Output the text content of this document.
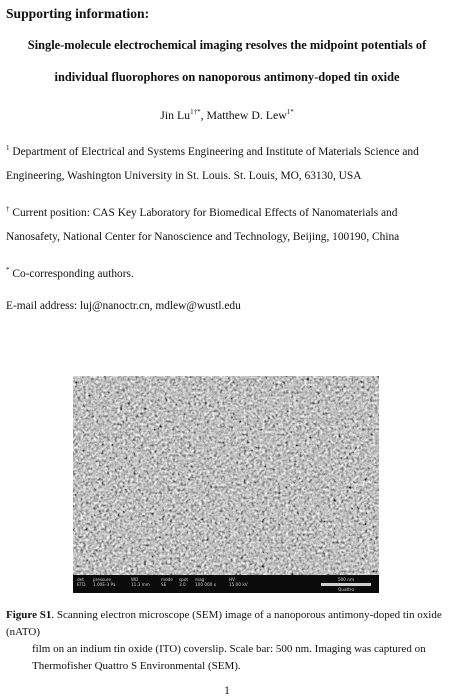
Supporting information:
Single-molecule electrochemical imaging resolves the midpoint potentials of
individual fluorophores on nanoporous antimony-doped tin oxide
Jin $Lu^{1\dagger*}$, Matthew D. Lew$^{1*}$
$^1$ Department of Electrical and Systems Engineering and Institute of Materials Science and
Engineering, Washington University in St. Louis. St. Louis, MO, 63130, USA
† Current position: CAS Key Laboratory for Biomedical Effects of Nanomaterials and
Nanosafety, National Center for Nanoscience and Technology, Beijing, 100190, China
* Co-corresponding authors.
E-mail address: luj@nanoctr.cn, mdlew@wustl.edu
det
ETD
pressure
1.00E-3 Pa
WD
11.3 mm
mode
SE
spot
3.0
mag
100 000 x
HV
15.00 kV
500 nm
Quattro
Figure S1. Scanning electron microscope (SEM) image of a nanoporous antimony-doped tin oxide (nATO)
film on an indium tin oxide (ITO) coverslip. Scale bar: 500 nm. Imaging was captured on
Thermofisher Quattro S Environmental (SEM).
1
